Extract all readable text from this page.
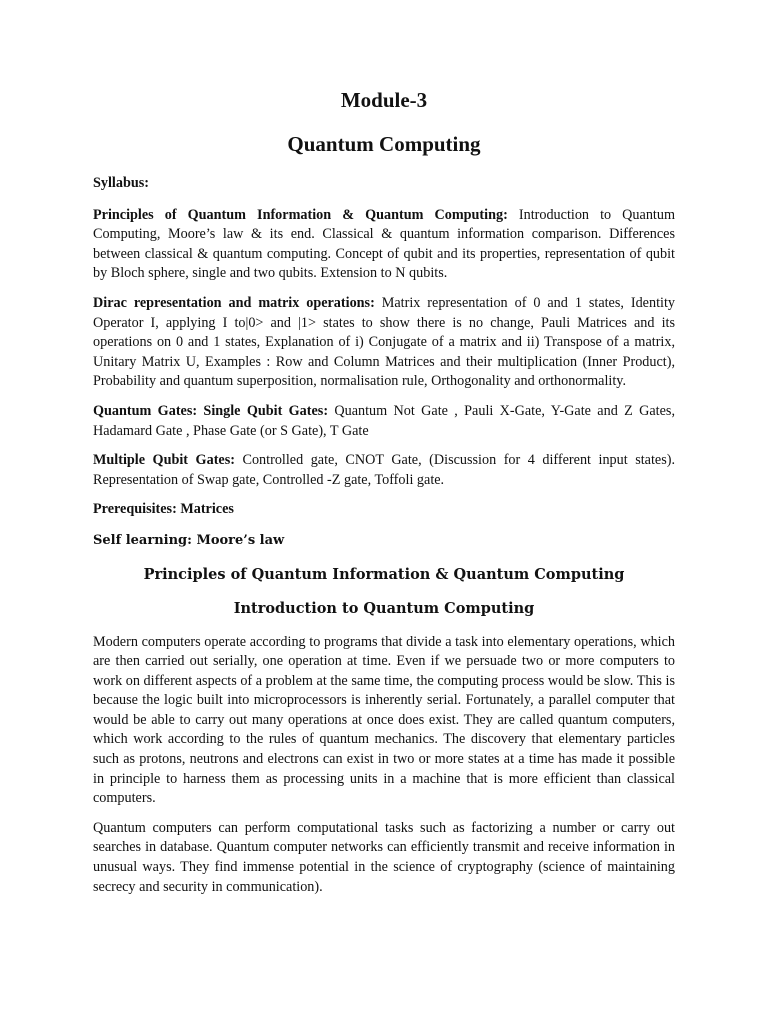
Module-3
Quantum Computing

Syllabus:

Principles of Quantum Information & Quantum Computing: Introduction to Quantum Computing, Moore’s law & its end. Classical & quantum information comparison. Differences between classical & quantum computing. Concept of qubit and its properties, representation of qubit by Bloch sphere, single and two qubits. Extension to N qubits.

Dirac representation and matrix operations: Matrix representation of 0 and 1 states, Identity Operator I, applying I to|0> and |1> states to show there is no change, Pauli Matrices and its operations on 0 and 1 states, Explanation of i) Conjugate of a matrix and ii) Transpose of a matrix, Unitary Matrix U, Examples : Row and Column Matrices and their multiplication (Inner Product), Probability and quantum superposition, normalisation rule, Orthogonality and orthonormality.

Quantum Gates: Single Qubit Gates: Quantum Not Gate , Pauli X-Gate, Y-Gate and Z Gates, Hadamard Gate , Phase Gate (or S Gate), T Gate

Multiple Qubit Gates: Controlled gate, CNOT Gate, (Discussion for 4 different input states). Representation of Swap gate, Controlled -Z gate, Toffoli gate.

Prerequisites: Matrices

Self learning: Moore’s law

Principles of Quantum Information & Quantum Computing
Introduction to Quantum Computing

Modern computers operate according to programs that divide a task into elementary operations, which are then carried out serially, one operation at time. Even if we persuade two or more computers to work on different aspects of a problem at the same time, the computing process would be slow. This is because the logic built into microprocessors is inherently serial. Fortunately, a parallel computer that would be able to carry out many operations at once does exist. They are called quantum computers, which work according to the rules of quantum mechanics. The discovery that elementary particles such as protons, neutrons and electrons can exist in two or more states at a time has made it possible in principle to harness them as processing units in a machine that is more efficient than classical computers.

Quantum computers can perform computational tasks such as factorizing a number or carry out searches in database. Quantum computer networks can efficiently transmit and receive information in unusual ways. They find immense potential in the science of cryptography (science of maintaining secrecy and security in communication).
